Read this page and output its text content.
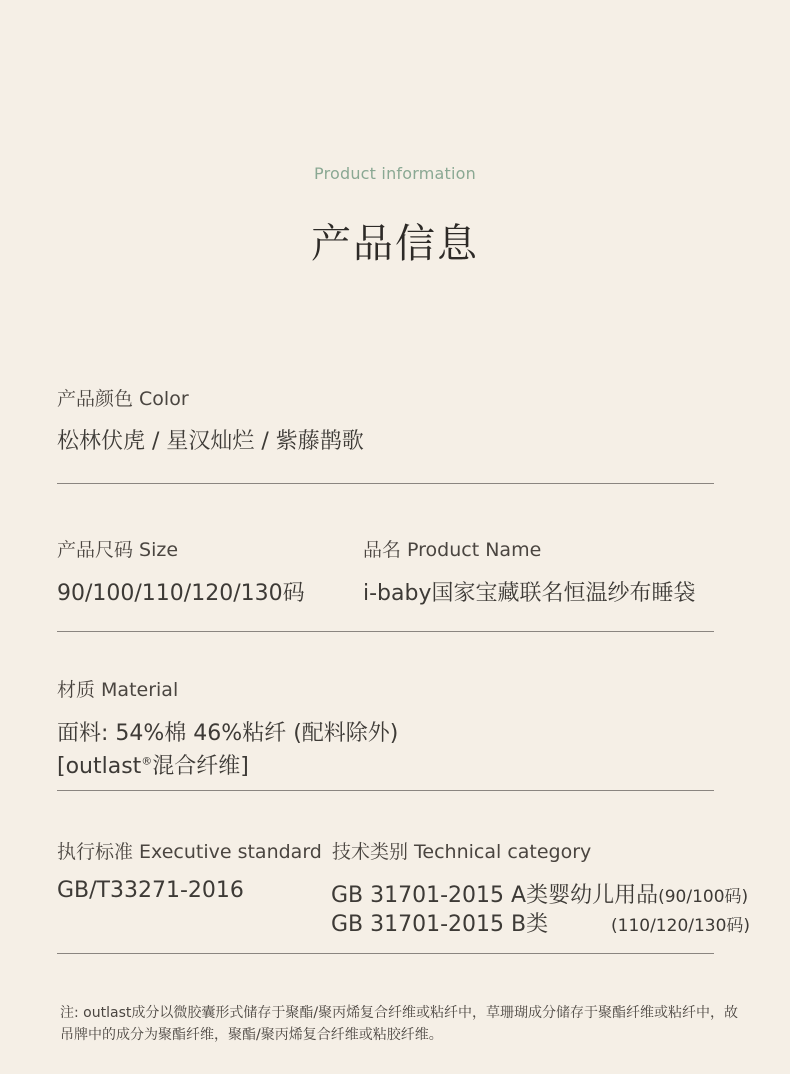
Product information
产品信息
产品颜色 Color
松林伏虎 / 星汉灿烂 / 紫藤鹊歌
产品尺码 Size
90/100/110/120/130码
品名 Product Name
i-baby国家宝藏联名恒温纱布睡袋
材质 Material
面料: 54%棉 46%粘纤 (配料除外)
[outlast®混合纤维]
执行标准 Executive standard
GB/T33271-2016
技术类别 Technical category
GB 31701-2015 A类婴幼儿用品(90/100码)
GB 31701-2015 B类	(110/120/130码)
注: outlast成分以微胶囊形式储存于聚酯/聚丙烯复合纤维或粘纤中，草珊瑚成分储存于聚酯纤维或粘纤中，故吊牌中的成分为聚酯纤维，聚酯/聚丙烯复合纤维或粘胶纤维。
